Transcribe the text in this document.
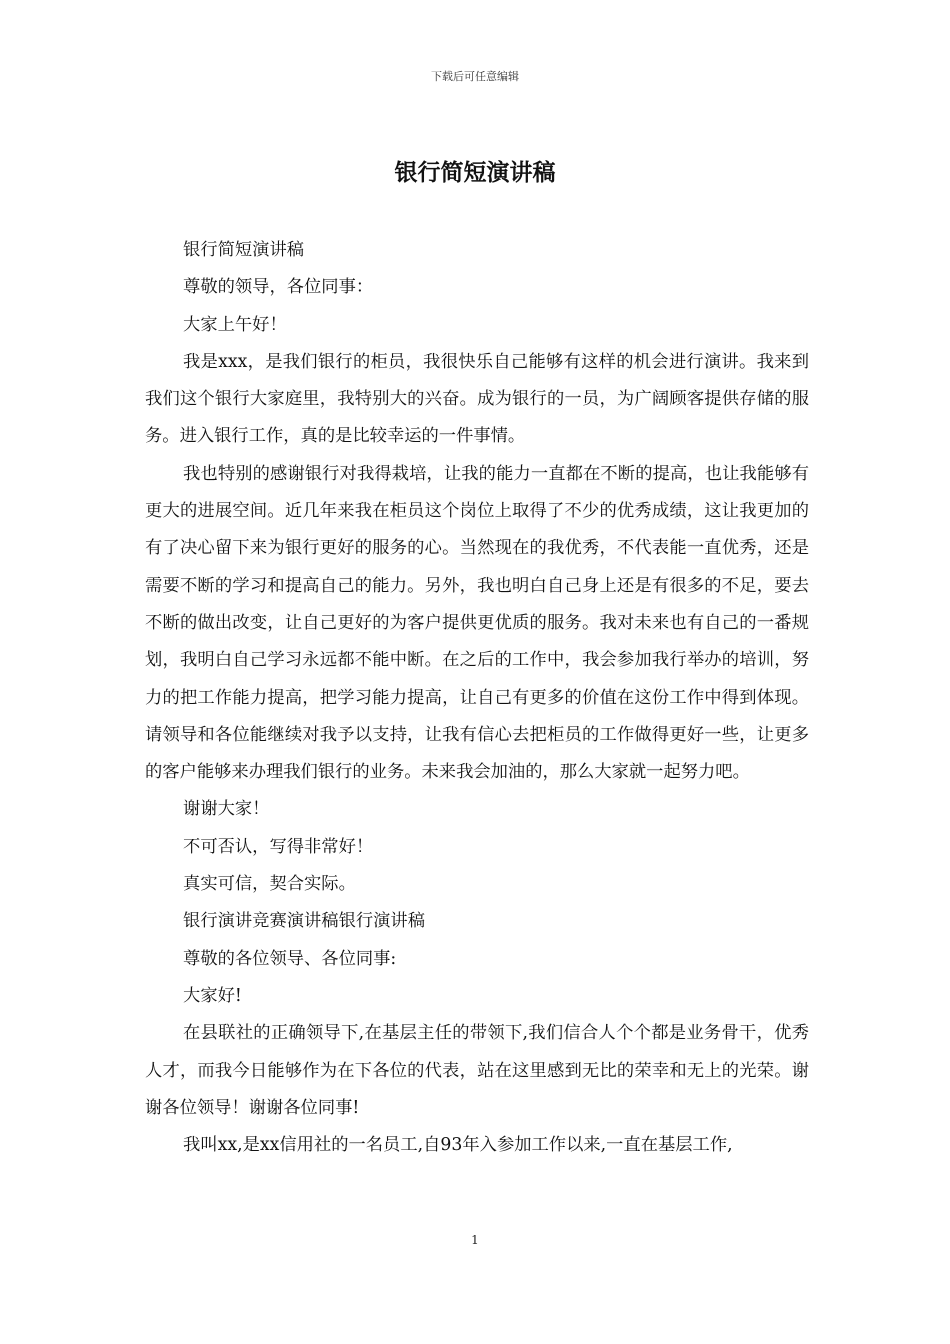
下载后可任意编辑
银行简短演讲稿

银行简短演讲稿

尊敬的领导，各位同事：

大家上午好！

我是xxx，是我们银行的柜员，我很快乐自己能够有这样的机会进行演讲。我来到我们这个银行大家庭里，我特别大的兴奋。成为银行的一员，为广阔顾客提供存储的服务。进入银行工作，真的是比较幸运的一件事情。

我也特别的感谢银行对我得栽培，让我的能力一直都在不断的提高，也让我能够有更大的进展空间。近几年来我在柜员这个岗位上取得了不少的优秀成绩，这让我更加的有了决心留下来为银行更好的服务的心。当然现在的我优秀，不代表能一直优秀，还是需要不断的学习和提高自己的能力。另外，我也明白自己身上还是有很多的不足，要去不断的做出改变，让自己更好的为客户提供更优质的服务。我对未来也有自己的一番规划，我明白自己学习永远都不能中断。在之后的工作中，我会参加我行举办的培训，努力的把工作能力提高，把学习能力提高，让自己有更多的价值在这份工作中得到体现。请领导和各位能继续对我予以支持，让我有信心去把柜员的工作做得更好一些，让更多的客户能够来办理我们银行的业务。未来我会加油的，那么大家就一起努力吧。

谢谢大家！

不可否认，写得非常好！

真实可信，契合实际。

银行演讲竞赛演讲稿银行演讲稿

尊敬的各位领导、各位同事:

大家好!

在县联社的正确领导下,在基层主任的带领下,我们信合人个个都是业务骨干，优秀人才，而我今日能够作为在下各位的代表，站在这里感到无比的荣幸和无上的光荣。谢谢各位领导！谢谢各位同事!

我叫xx,是xx信用社的一名员工,自93年入参加工作以来,一直在基层工作,

1
